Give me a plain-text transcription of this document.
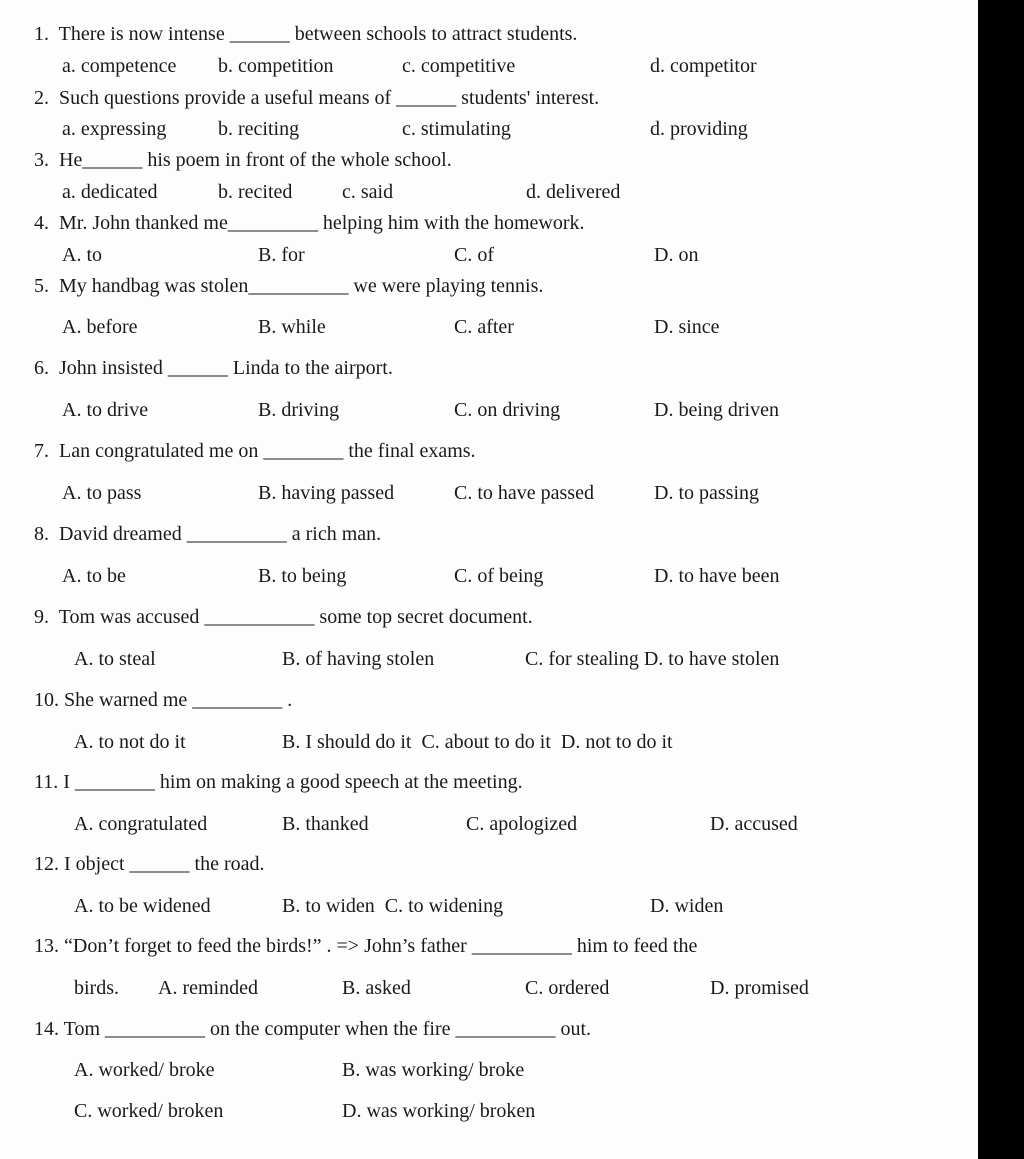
1.  There is now intense ______ between schools to attract students.
a. competence b. competition	c. competitive	d. competitor
2.  Such questions provide a useful means of ______ students' interest.
a. expressing	b. reciting	c. stimulating	d. providing
3.  He______ his poem in front of the whole school.
a. dedicated	b. recited c. said	d. delivered
4.  Mr. John thanked me_________ helping him with the homework.
A. to	B. for	C. of	D. on
5.  My handbag was stolen__________ we were playing tennis.
A. before	B. while	C. after	D. since
6.  John insisted ______ Linda to the airport.
A. to drive	B. driving	C. on driving	D. being driven
7.  Lan congratulated me on ________ the final exams.
A. to pass	B. having passed	C. to have passed	D. to passing
8.  David dreamed __________ a rich man.
A. to be	B. to being	C. of being	D. to have been
9.  Tom was accused ___________ some top secret document.
A. to steal	B. of having stolen	C. for stealing D. to have stolen
10. She warned me _________ .
A. to not do it	B. I should do it  C. about to do it  D. not to do it
11. I ________ him on making a good speech at the meeting.
A. congratulated	B. thanked	C. apologized	D. accused
12. I object ______ the road.
A. to be widened	B. to widen  C. to widening	D. widen
13. “Don’t forget to feed the birds!” . => John’s father __________ him to feed the
birds. A. reminded	B. asked	C. ordered	D. promised
14. Tom __________ on the computer when the fire __________ out.
A. worked/ broke	B. was working/ broke
C. worked/ broken	D. was working/ broken
